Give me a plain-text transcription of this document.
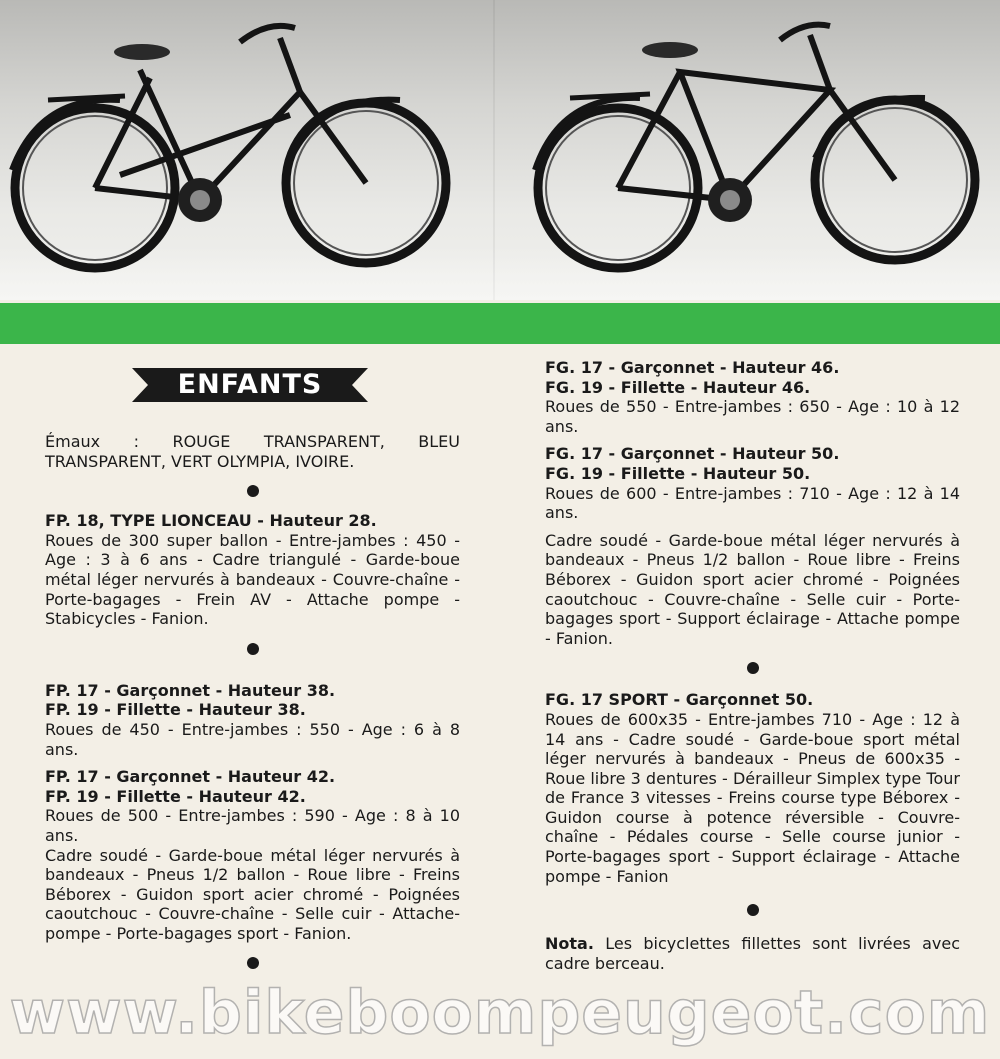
ENFANTS

Émaux : ROUGE TRANSPARENT, BLEU TRANSPARENT, VERT OLYMPIA, IVOIRE.

FP. 18, TYPE LIONCEAU - Hauteur 28.

Roues de 300 super ballon - Entre-jambes : 450 - Age : 3 à 6 ans - Cadre triangulé - Garde-boue métal léger nervurés à bandeaux - Couvre-chaîne - Porte-bagages - Frein AV - Attache pompe - Stabicycles - Fanion.

FP. 17 - Garçonnet - Hauteur 38.

FP. 19 - Fillette - Hauteur 38.

Roues de 450 - Entre-jambes : 550 - Age : 6 à 8 ans.

FP. 17 - Garçonnet - Hauteur 42.

FP. 19 - Fillette - Hauteur 42.

Roues de 500 - Entre-jambes : 590 - Age : 8 à 10 ans.

Cadre soudé - Garde-boue métal léger nervurés à bandeaux - Pneus 1/2 ballon - Roue libre - Freins Béborex - Guidon sport acier chromé - Poignées caoutchouc - Couvre-chaîne - Selle cuir - Attache-pompe - Porte-bagages sport - Fanion.

FG. 17 - Garçonnet - Hauteur 46.

FG. 19 - Fillette - Hauteur 46.

Roues de 550 - Entre-jambes : 650 - Age : 10 à 12 ans.

FG. 17 - Garçonnet - Hauteur 50.

FG. 19 - Fillette - Hauteur 50.

Roues de 600 - Entre-jambes : 710 - Age : 12 à 14 ans.

Cadre soudé - Garde-boue métal léger nervurés à bandeaux - Pneus 1/2 ballon - Roue libre - Freins Béborex - Guidon sport acier chromé - Poignées caoutchouc - Couvre-chaîne - Selle cuir - Porte-bagages sport - Support éclairage - Attache pompe - Fanion.

FG. 17 SPORT - Garçonnet 50.

Roues de 600x35 - Entre-jambes 710 - Age : 12 à 14 ans - Cadre soudé - Garde-boue sport métal léger nervurés à bandeaux - Pneus de 600x35 - Roue libre 3 dentures - Dérailleur Simplex type Tour de France 3 vitesses - Freins course type Béborex - Guidon course à potence réversible - Couvre-chaîne - Pédales course - Selle course junior - Porte-bagages sport - Support éclairage - Attache pompe - Fanion

Nota. Les bicyclettes fillettes sont livrées avec cadre berceau.

www.bikeboompeugeot.com
